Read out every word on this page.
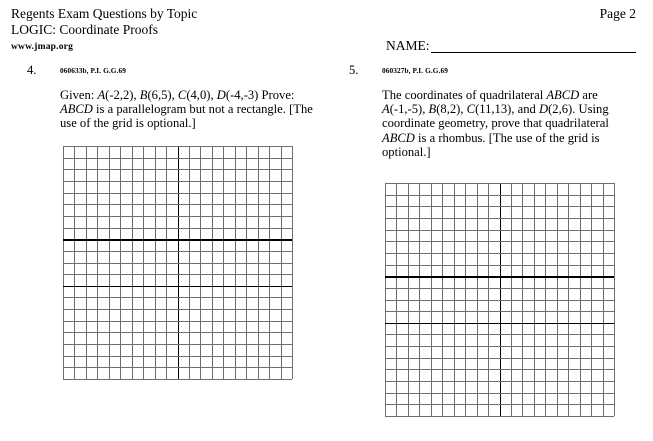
Regents Exam Questions by Topic
LOGIC: Coordinate Proofs
www.jmap.org
Page 2
NAME:
4.	060633b, P.I. G.G.69
Given: A(-2,2), B(6,5), C(4,0), D(-4,-3) Prove: ABCD is a parallelogram but not a rectangle. [The use of the grid is optional.]
5.	060327b, P.I. G.G.69
The coordinates of quadrilateral ABCD are A(-1,-5), B(8,2), C(11,13), and D(2,6). Using coordinate geometry, prove that quadrilateral ABCD is a rhombus. [The use of the grid is optional.]
